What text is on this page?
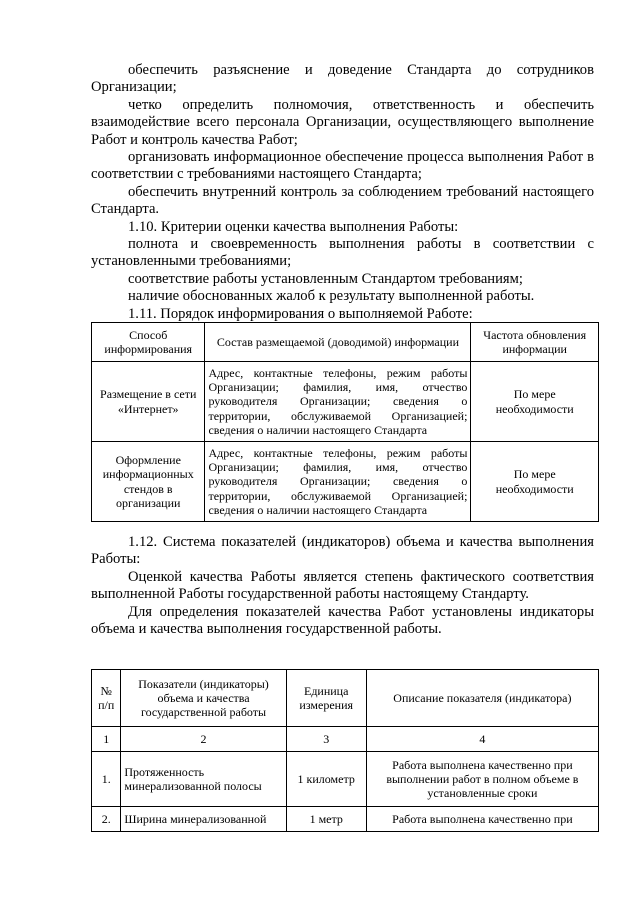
обеспечить разъяснение и доведение Стандарта до сотрудников Организации;

четко определить полномочия, ответственность и обеспечить взаимодействие всего персонала Организации, осуществляющего выполнение Работ и контроль качества Работ;

организовать информационное обеспечение процесса выполнения Работ в соответствии с требованиями настоящего Стандарта;

обеспечить внутренний контроль за соблюдением требований настоящего Стандарта.

1.10. Критерии оценки качества выполнения Работы:

полнота и своевременность выполнения работы в соответствии с установленными требованиями;

соответствие работы установленным Стандартом требованиям;

наличие обоснованных жалоб к результату выполненной работы.

1.11. Порядок информирования о выполняемой Работе:

Способ информирования	Состав размещаемой (доводимой) информации	Частота обновления информации
Размещение в сети «Интернет»	Адрес, контактные телефоны, режим работы Организации; фамилия, имя, отчество руководителя Организации; сведения о территории, обслуживаемой Организацией; сведения о наличии настоящего Стандарта	По мере необходимости
Оформление информационных стендов в организации	Адрес, контактные телефоны, режим работы Организации; фамилия, имя, отчество руководителя Организации; сведения о территории, обслуживаемой Организацией; сведения о наличии настоящего Стандарта	По мере необходимости

1.12. Система показателей (индикаторов) объема и качества выполнения Работы:

Оценкой качества Работы является степень фактического соответствия выполненной Работы государственной работы настоящему Стандарту.

Для определения показателей качества Работ установлены индикаторы объема и качества выполнения государственной работы.

№ п/п	Показатели (индикаторы) объема и качества государственной работы	Единица измерения	Описание показателя (индикатора)
1	2	3	4
1.	Протяженность минерализованной полосы	1 километр	Работа выполнена качественно при выполнении работ в полном объеме в установленные сроки
2.	Ширина минерализованной	1 метр	Работа выполнена качественно при
